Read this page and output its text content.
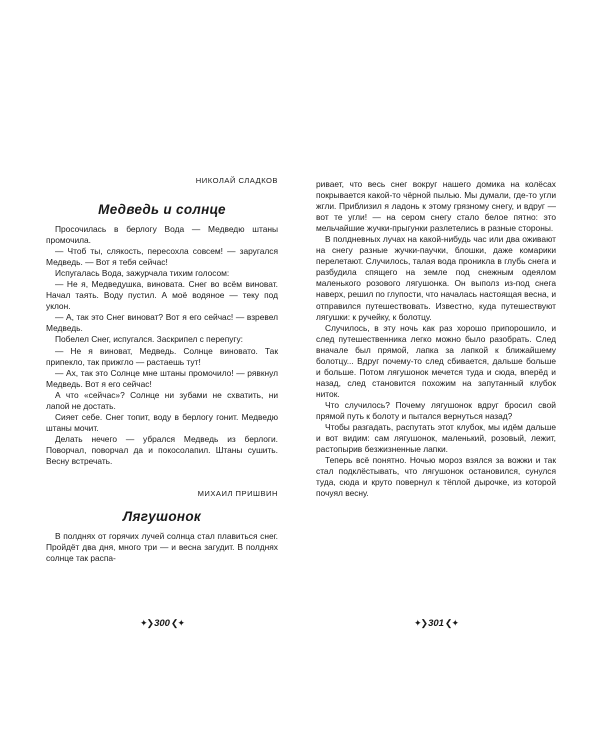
НИКОЛАЙ СЛАДКОВ
Медведь и солнце

Просочилась в берлогу Вода — Медведю штаны промочила.

— Чтоб ты, слякость, пересохла совсем! — заругался Медведь. — Вот я тебя сейчас!

Испугалась Вода, зажурчала тихим голосом:

— Не я, Медведушка, виновата. Снег во всём виноват. Начал таять. Воду пустил. А моё водяное — теку под уклон.

— А, так это Снег виноват? Вот я его сейчас! — взревел Медведь.

Побелел Снег, испугался. Заскрипел с перепугу:

— Не я виноват, Медведь. Солнце виновато. Так припекло, так прижгло — растаешь тут!

— Ах, так это Солнце мне штаны промочило! — рявкнул Медведь. Вот я его сейчас!

А что «сейчас»? Солнце ни зубами не схватить, ни лапой не достать.

Сияет себе. Снег топит, воду в берлогу гонит. Медведю штаны мочит.

Делать нечего — убрался Медведь из берлоги. Поворчал, поворчал да и покосолапил. Штаны сушить. Весну встречать.

МИХАИЛ ПРИШВИН
Лягушонок

В полднях от горячих лучей солнца стал плавиться снег. Пройдёт два дня, много три — и весна загудит. В полднях солнце так распа-

✦❯300❮✦

ривает, что весь снег вокруг нашего домика на колёсах покрывается какой-то чёрной пылью. Мы думали, где-то угли жгли. Приблизил я ладонь к этому грязному снегу, и вдруг — вот те угли! — на сером снегу стало белое пятно: это мельчайшие жучки-прыгунки разлетелись в разные стороны.

В полдневных лучах на какой-нибудь час или два оживают на снегу разные жучки-паучки, блошки, даже комарики перелетают. Случилось, талая вода проникла в глубь снега и разбудила спящего на земле под снежным одеялом маленького розового лягушонка. Он выполз из-под снега наверх, решил по глупости, что началась настоящая весна, и отправился путешествовать. Известно, куда путешествуют лягушки: к ручейку, к болотцу.

Случилось, в эту ночь как раз хорошо припорошило, и след путешественника легко можно было разобрать. След вначале был прямой, лапка за лапкой к ближайшему болотцу... Вдруг почему-то след сбивается, дальше больше и больше. Потом лягушонок мечется туда и сюда, вперёд и назад, след становится похожим на запутанный клубок ниток.

Что случилось? Почему лягушонок вдруг бросил свой прямой путь к болоту и пытался вернуться назад?

Чтобы разгадать, распутать этот клубок, мы идём дальше и вот видим: сам лягушонок, маленький, розовый, лежит, растопырив безжизненные лапки.

Теперь всё понятно. Ночью мороз взялся за вожжи и так стал подклёстывать, что лягушонок остановился, сунулся туда, сюда и круто повернул к тёплой дырочке, из которой почуял весну.

✦❯301❮✦
